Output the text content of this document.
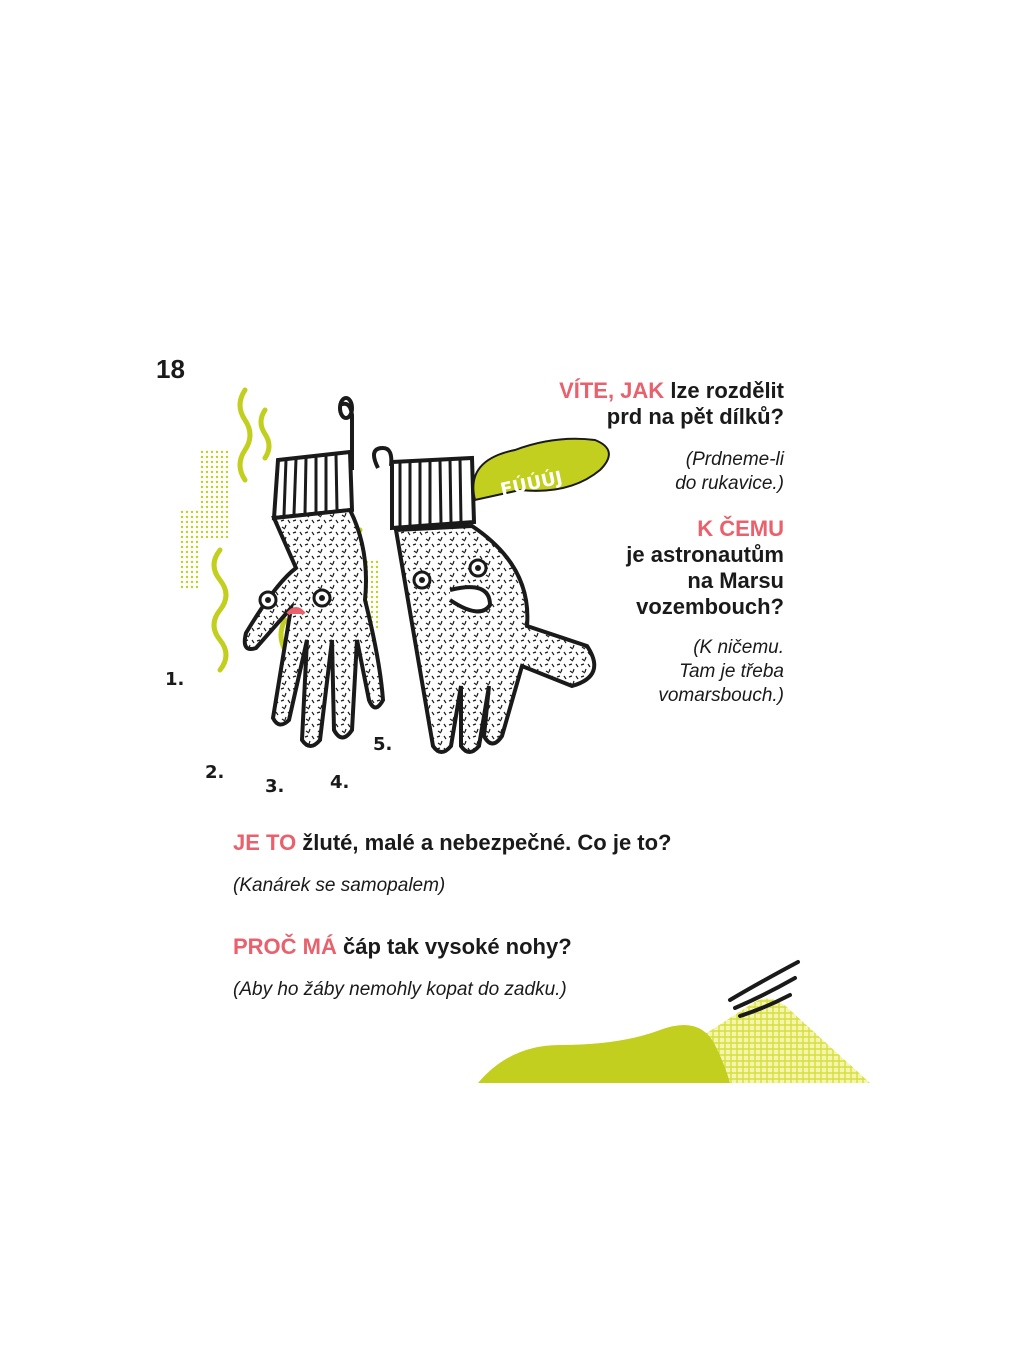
18
1.
2.
3.	4.
5.
FÚÚÚJ
VÍTE, JAK lze rozdělit
prd na pět dílků?
(Prdneme-li
do rukavice.)
K ČEMU
je astronautům
na Marsu
vozembouch?
(K ničemu.
Tam je třeba
vomarsbouch.)
JE TO žluté, malé a nebezpečné. Co je to?
(Kanárek se samopalem)
PROČ MÁ čáp tak vysoké nohy?
(Aby ho žáby nemohly kopat do zadku.)
